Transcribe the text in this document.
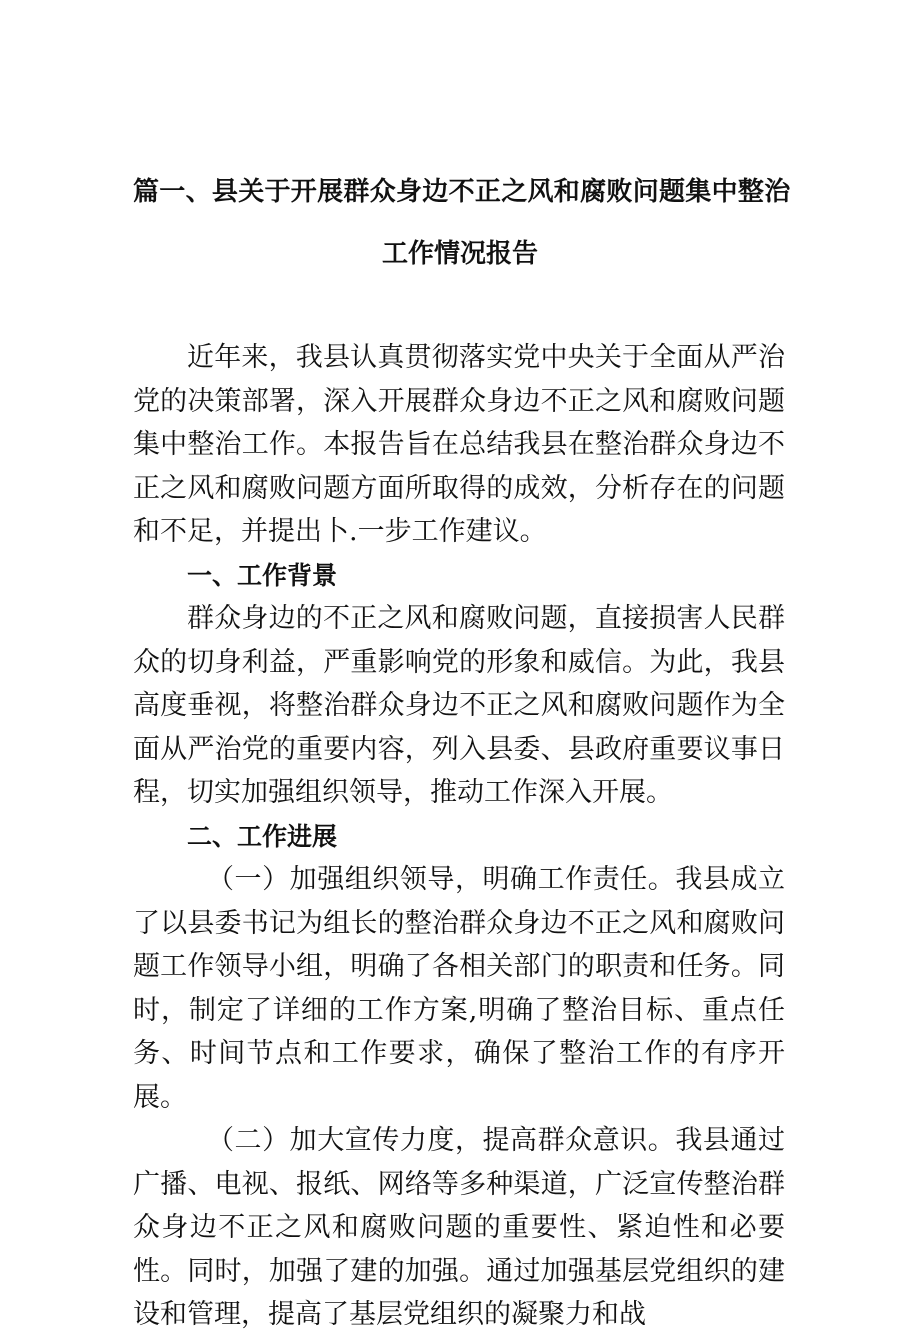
篇一、县关于开展群众身边不正之风和腐败问题集中整治
工作情况报告

近年来，我县认真贯彻落实党中央关于全面从严治党的决策部署，深入开展群众身边不正之风和腐败问题集中整治工作。本报告旨在总结我县在整治群众身边不正之风和腐败问题方面所取得的成效，分析存在的问题和不足，并提出卜.一步工作建议。

一、工作背景

群众身边的不正之风和腐败问题，直接损害人民群众的切身利益，严重影响党的形象和威信。为此，我县高度垂视，将整治群众身边不正之风和腐败问题作为全面从严治党的重要内容，列入县委、县政府重要议事日程，切实加强组织领导，推动工作深入开展。

二、工作进展

（一）加强组织领导，明确工作责任。我县成立了以县委书记为组长的整治群众身边不正之风和腐败问题工作领导小组，明确了各相关部门的职责和任务。同时，制定了详细的工作方案,明确了整治目标、重点任务、时间节点和工作要求，确保了整治工作的有序开展。

（二）加大宣传力度，提高群众意识。我县通过广播、电视、报纸、网络等多种渠道，广泛宣传整治群众身边不正之风和腐败问题的重要性、紧迫性和必要性。同时，加强了建的加强。通过加强基层党组织的建设和管理，提高了基层党组织的凝聚力和战
